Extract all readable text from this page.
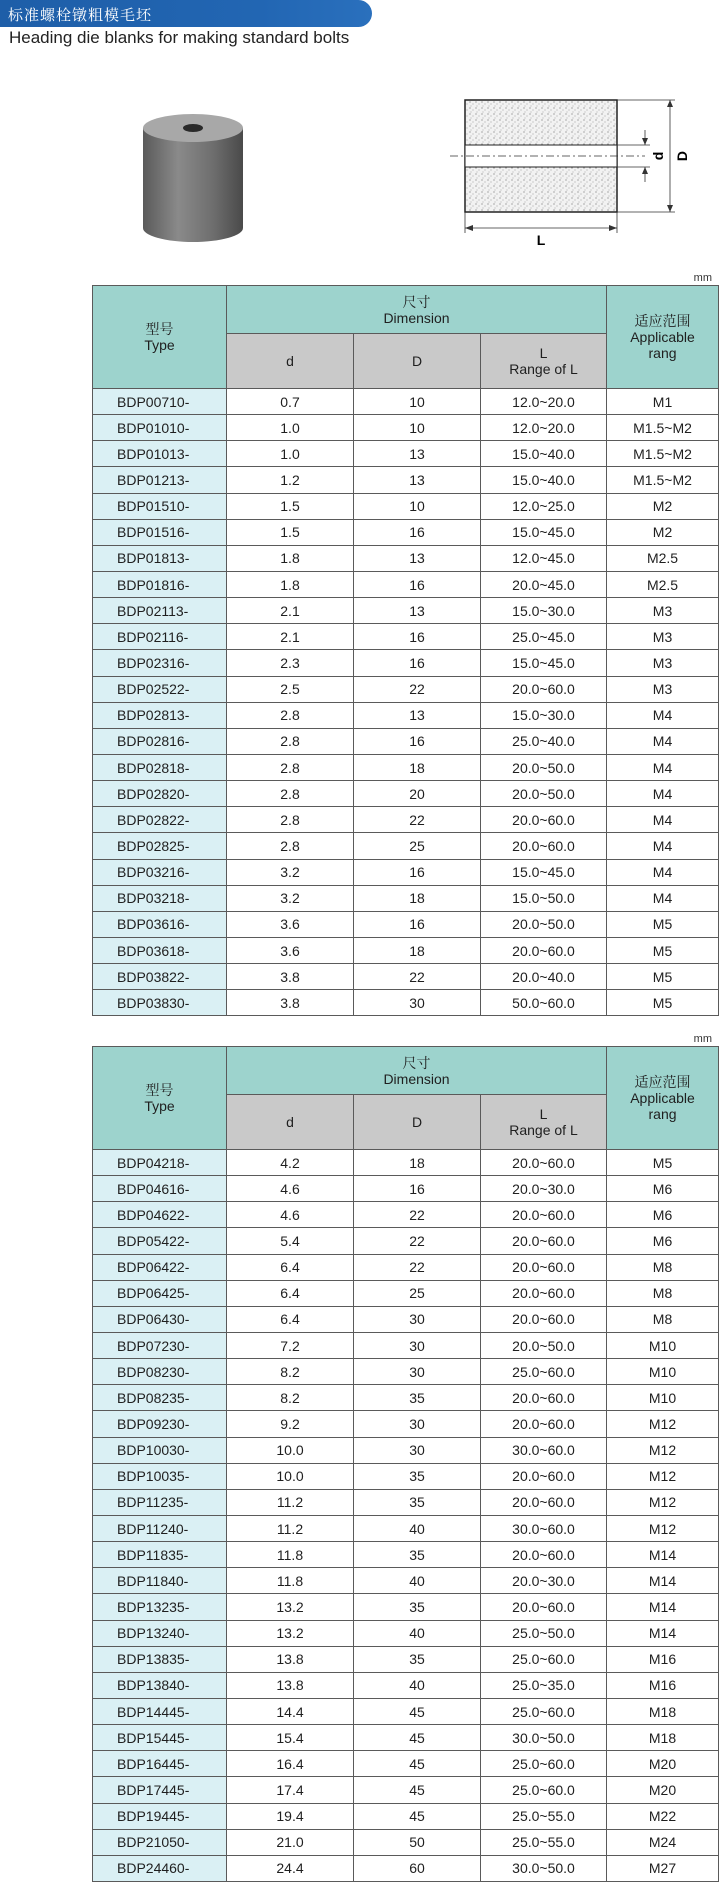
标准螺栓镦粗模毛坯
Heading die blanks for making standard bolts
d D
L
mm
型号
Type	尺寸
Dimension			适应范围
Applicable
rang
	d	D	L
Range of L	
BDP00710-	0.7	10	12.0~20.0	M1
BDP01010-	1.0	10	12.0~20.0	M1.5~M2
BDP01013-	1.0	13	15.0~40.0	M1.5~M2
BDP01213-	1.2	13	15.0~40.0	M1.5~M2
BDP01510-	1.5	10	12.0~25.0	M2
BDP01516-	1.5	16	15.0~45.0	M2
BDP01813-	1.8	13	12.0~45.0	M2.5
BDP01816-	1.8	16	20.0~45.0	M2.5
BDP02113-	2.1	13	15.0~30.0	M3
BDP02116-	2.1	16	25.0~45.0	M3
BDP02316-	2.3	16	15.0~45.0	M3
BDP02522-	2.5	22	20.0~60.0	M3
BDP02813-	2.8	13	15.0~30.0	M4
BDP02816-	2.8	16	25.0~40.0	M4
BDP02818-	2.8	18	20.0~50.0	M4
BDP02820-	2.8	20	20.0~50.0	M4
BDP02822-	2.8	22	20.0~60.0	M4
BDP02825-	2.8	25	20.0~60.0	M4
BDP03216-	3.2	16	15.0~45.0	M4
BDP03218-	3.2	18	15.0~50.0	M4
BDP03616-	3.6	16	20.0~50.0	M5
BDP03618-	3.6	18	20.0~60.0	M5
BDP03822-	3.8	22	20.0~40.0	M5
BDP03830-	3.8	30	50.0~60.0	M5
mm
型号
Type	尺寸
Dimension			适应范围
Applicable
rang
	d	D	L
Range of L	
BDP04218-	4.2	18	20.0~60.0	M5
BDP04616-	4.6	16	20.0~30.0	M6
BDP04622-	4.6	22	20.0~60.0	M6
BDP05422-	5.4	22	20.0~60.0	M6
BDP06422-	6.4	22	20.0~60.0	M8
BDP06425-	6.4	25	20.0~60.0	M8
BDP06430-	6.4	30	20.0~60.0	M8
BDP07230-	7.2	30	20.0~50.0	M10
BDP08230-	8.2	30	25.0~60.0	M10
BDP08235-	8.2	35	20.0~60.0	M10
BDP09230-	9.2	30	20.0~60.0	M12
BDP10030-	10.0	30	30.0~60.0	M12
BDP10035-	10.0	35	20.0~60.0	M12
BDP11235-	11.2	35	20.0~60.0	M12
BDP11240-	11.2	40	30.0~60.0	M12
BDP11835-	11.8	35	20.0~60.0	M14
BDP11840-	11.8	40	20.0~30.0	M14
BDP13235-	13.2	35	20.0~60.0	M14
BDP13240-	13.2	40	25.0~50.0	M14
BDP13835-	13.8	35	25.0~60.0	M16
BDP13840-	13.8	40	25.0~35.0	M16
BDP14445-	14.4	45	25.0~60.0	M18
BDP15445-	15.4	45	30.0~50.0	M18
BDP16445-	16.4	45	25.0~60.0	M20
BDP17445-	17.4	45	25.0~60.0	M20
BDP19445-	19.4	45	25.0~55.0	M22
BDP21050-	21.0	50	25.0~55.0	M24
BDP24460-	24.4	60	30.0~50.0	M27
